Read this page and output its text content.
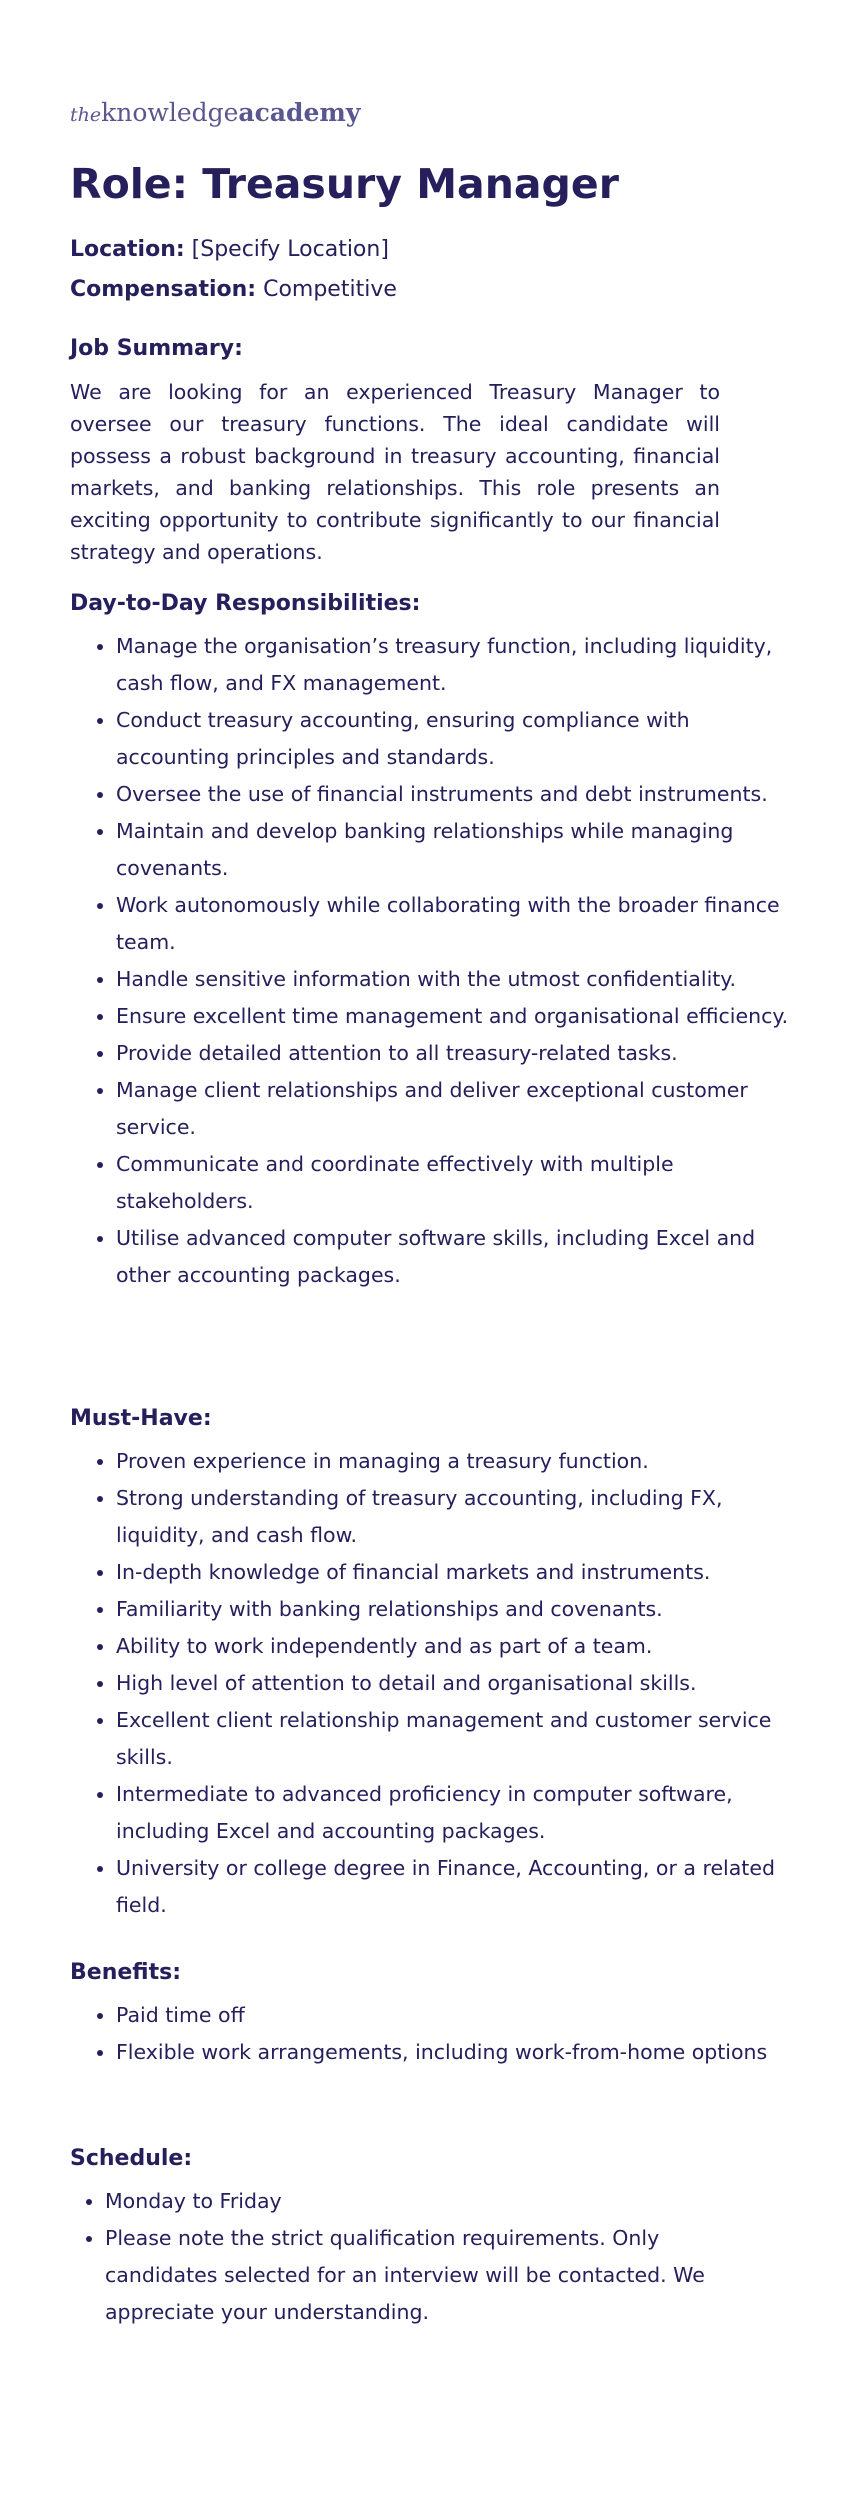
theknowledgeacademy
Role: Treasury Manager
Location: [Specify Location]
Compensation: Competitive
Job Summary:

We are looking for an experienced Treasury Manager to oversee our treasury functions. The ideal candidate will possess a robust background in treasury accounting, financial markets, and banking relationships. This role presents an exciting opportunity to contribute significantly to our financial strategy and operations.

Day-to-Day Responsibilities:
• Manage the organisation’s treasury function, including liquidity, cash flow, and FX management.
• Conduct treasury accounting, ensuring compliance with accounting principles and standards.
• Oversee the use of financial instruments and debt instruments.
• Maintain and develop banking relationships while managing covenants.
• Work autonomously while collaborating with the broader finance team.
• Handle sensitive information with the utmost confidentiality.
• Ensure excellent time management and organisational efficiency.
• Provide detailed attention to all treasury-related tasks.
• Manage client relationships and deliver exceptional customer service.
• Communicate and coordinate effectively with multiple stakeholders.
• Utilise advanced computer software skills, including Excel and other accounting packages.
Must-Have:
• Proven experience in managing a treasury function.
• Strong understanding of treasury accounting, including FX, liquidity, and cash flow.
• In-depth knowledge of financial markets and instruments.
• Familiarity with banking relationships and covenants.
• Ability to work independently and as part of a team.
• High level of attention to detail and organisational skills.
• Excellent client relationship management and customer service skills.
• Intermediate to advanced proficiency in computer software, including Excel and accounting packages.
• University or college degree in Finance, Accounting, or a related field.
Benefits:
• Paid time off
• Flexible work arrangements, including work-from-home options
Schedule:
• Monday to Friday
• Please note the strict qualification requirements. Only candidates selected for an interview will be contacted. We appreciate your understanding.
